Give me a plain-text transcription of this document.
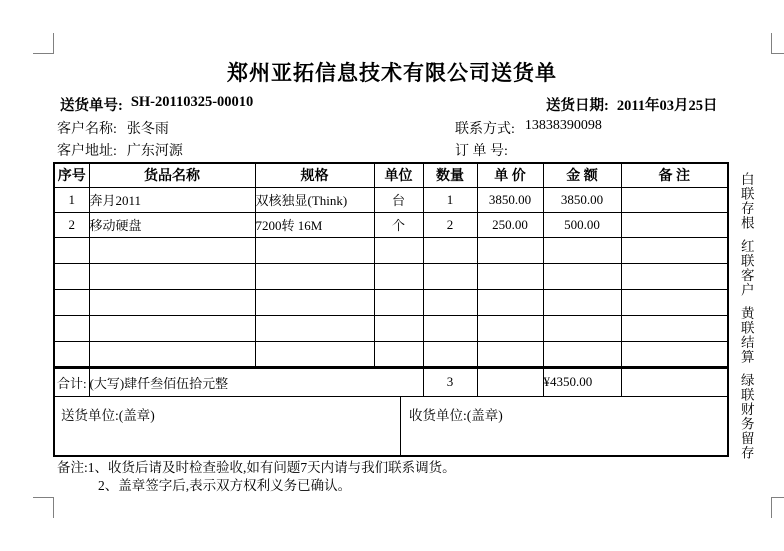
郑州亚拓信息技术有限公司送货单
送货单号: SH-20110325-00010	送货日期: 2011年03月25日
客户名称: 张冬雨	联系方式: 13838390098
客户地址: 广东河源	订 单 号:
序号	货品名称	规格	单位	数量	单 价	金 额	备 注
1	奔月2011	双核独显(Think)	台	1	3850.00	3850.00	
2	移动硬盘	7200转 16M	个	2	250.00	500.00	

合计:	(大写)肆仟叁佰伍拾元整			3		¥4350.00	

送货单位:(盖章) 收货单位:(盖章)							
备注: 1、收货后请及时检查验收,如有问题7天内请与我们联系调货。
2、盖章签字后,表示双方权利义务已确认。
白联存根
红联客户
黄联结算
绿联财务留存
